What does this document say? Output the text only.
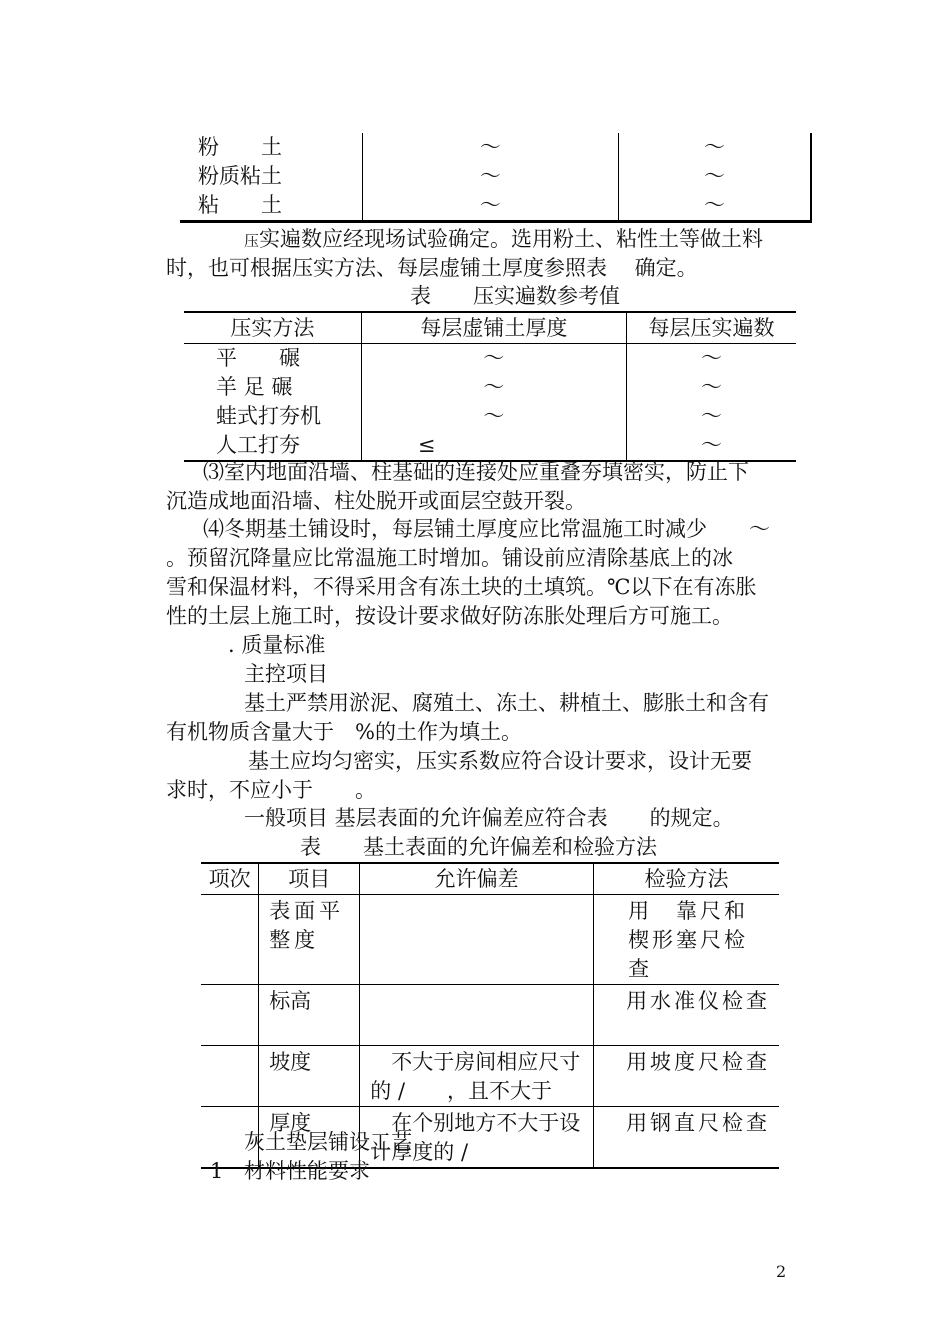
粉　　土	～	～
粉质粘土	～	～
粘　　土	～	～
压实遍数应经现场试验确定。选用粉土、粘性土等做土料
时，也可根据压实方法、每层虚铺土厚度参照表　 确定。
表　　压实遍数参考值
压实方法	每层虚铺土厚度	每层压实遍数
平　　碾	～	～
羊 足 碾	～	～
蛙式打夯机	～	～
人工打夯	≤	～
⑶室内地面沿墙、柱基础的连接处应重叠夯填密实，防止下
沉造成地面沿墙、柱处脱开或面层空鼓开裂。
⑷冬期基土铺设时，每层铺土厚度应比常温施工时减少　　～
。预留沉降量应比常温施工时增加。铺设前应清除基底上的冰
雪和保温材料，不得采用含有冻土块的土填筑。℃以下在有冻胀
性的土层上施工时，按设计要求做好防冻胀处理后方可施工。
. 质量标准
主控项目
基土严禁用淤泥、腐殖土、冻土、耕植土、膨胀土和含有
有机物质含量大于　%的土作为填土。
基土应均匀密实，压实系数应符合设计要求，设计无要
求时，不应小于　　。
一般项目 基层表面的允许偏差应符合表　　的规定。
表　　基土表面的允许偏差和检验方法
项次	项目	允许偏差	检验方法
	表面平整度		用　靠尺和楔形塞尺检查
	标高		用水准仪检查
	坡度	　不大于房间相应尺寸的 /　　，且不大于	用坡度尺检查
	厚度	　在个别地方不大于设计厚度的 /	用钢直尺检查
灰土垫层铺设工艺
1 材料性能要求
2
